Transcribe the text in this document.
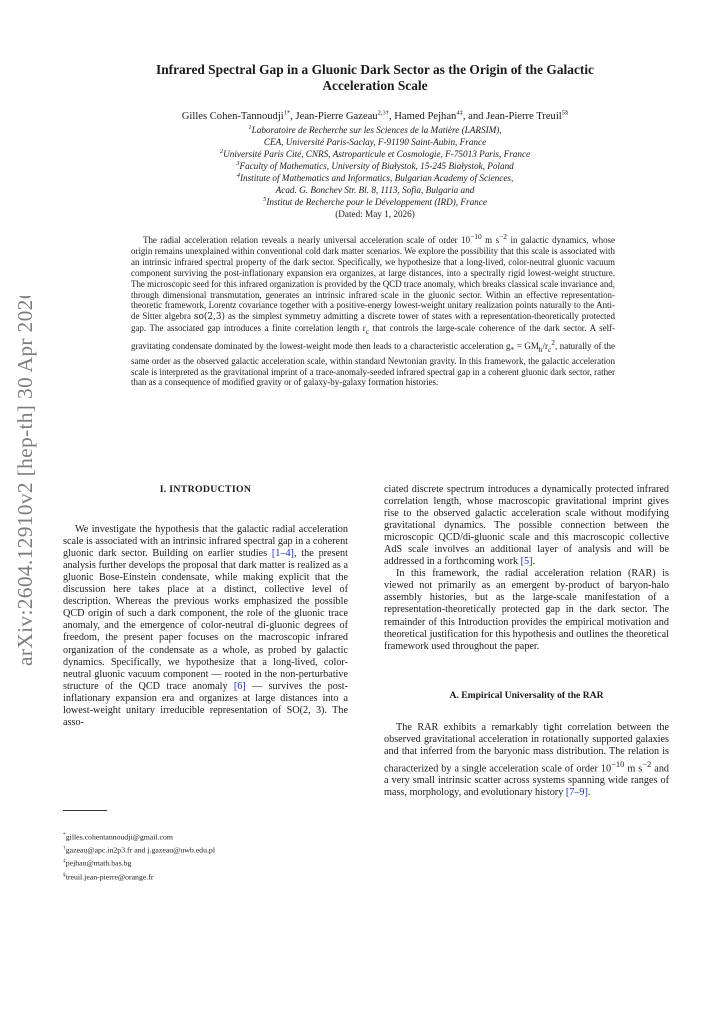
arXiv:2604.12910v2 [hep-th] 30 Apr 2026
Infrared Spectral Gap in a Gluonic Dark Sector as the Origin of the Galactic
Acceleration Scale
Gilles Cohen-Tannoudji$^{1*}$, Jean-Pierre Gazeau$^{2,3\dagger}$, Hamed Pejhan$^{4\ddagger}$, and Jean-Pierre Treuil$^{5\S}$
$^1$Laboratoire de Recherche sur les Sciences de la Matière (LARSIM),
CEA, Université Paris-Saclay, F-91190 Saint-Aubin, France
$^2$Université Paris Cité, CNRS, Astroparticule et Cosmologie, F-75013 Paris, France
$^3$Faculty of Mathematics, University of Białystok, 15-245 Białystok, Poland
$^4$Institute of Mathematics and Informatics, Bulgarian Academy of Sciences,
Acad. G. Bonchev Str. Bl. 8, 1113, Sofia, Bulgaria and
$^5$Institut de Recherche pour le Développement (IRD), France
(Dated: May 1, 2026)
The radial acceleration relation reveals a nearly universal acceleration scale of order $10^{-10}$ m $s^{-2}$ in galactic dynamics, whose origin remains unexplained within conventional cold dark matter scenarios. We explore the possibility that this scale is associated with an intrinsic infrared spectral property of the dark sector. Specifically, we hypothesize that a long-lived, color-neutral gluonic vacuum component surviving the post-inflationary expansion era organizes, at large distances, into a spectrally rigid lowest-weight structure. The microscopic seed for this infrared organization is provided by the QCD trace anomaly, which breaks classical scale invariance and, through dimensional transmutation, generates an intrinsic infrared scale in the gluonic sector. Within an effective representation-theoretic framework, Lorentz covariance together with a positive-energy lowest-weight unitary realization points naturally to the Anti-de Sitter algebra so(2,3) as the simplest symmetry admitting a discrete tower of states with a representation-theoretically protected gap. The associated gap introduces a finite correlation length $r_c$ that controls the large-scale coherence of the dark sector. A self-gravitating condensate dominated by the lowest-weight mode then leads to a characteristic acceleration $g_* = GM_h/r_c^2$, naturally of the same order as the observed galactic acceleration scale, within standard Newtonian gravity. In this framework, the galactic acceleration scale is interpreted as the gravitational imprint of a trace-anomaly-seeded infrared spectral gap in a coherent gluonic dark sector, rather than as a consequence of modified gravity or of galaxy-by-galaxy formation histories.
I. INTRODUCTION

We investigate the hypothesis that the galactic radial acceleration scale is associated with an intrinsic infrared spectral gap in a coherent gluonic dark sector. Building on earlier studies [1–4], the present analysis further develops the proposal that dark matter is realized as a gluonic Bose-Einstein condensate, while making explicit that the discussion here takes place at a distinct, collective level of description. Whereas the previous works emphasized the possible QCD origin of such a dark component, the role of the gluonic trace anomaly, and the emergence of color-neutral di-gluonic degrees of freedom, the present paper focuses on the macroscopic infrared organization of the condensate as a whole, as probed by galactic dynamics. Specifically, we hypothesize that a long-lived, color-neutral gluonic vacuum component — rooted in the non-perturbative structure of the QCD trace anomaly [6] — survives the post-inflationary expansion era and organizes at large distances into a lowest-weight unitary irreducible representation of SO(2, 3). The asso-

ciated discrete spectrum introduces a dynamically protected infrared correlation length, whose macroscopic gravitational imprint gives rise to the observed galactic acceleration scale without modifying gravitational dynamics. The possible connection between the microscopic QCD/di-gluonic scale and this macroscopic collective AdS scale involves an additional layer of analysis and will be addressed in a forthcoming work [5].

In this framework, the radial acceleration relation (RAR) is viewed not primarily as an emergent by-product of baryon-halo assembly histories, but as the large-scale manifestation of a representation-theoretically protected gap in the dark sector. The remainder of this Introduction provides the empirical motivation and theoretical justification for this hypothesis and outlines the theoretical framework used throughout the paper.

A. Empirical Universality of the RAR

The RAR exhibits a remarkably tight correlation between the observed gravitational acceleration in rotationally supported galaxies and that inferred from the baryonic mass distribution. The relation is characterized by a single acceleration scale of order $10^{-10}$ m $s^{-2}$ and a very small intrinsic scatter across systems spanning wide ranges of mass, morphology, and evolutionary history [7–9].

*gilles.cohentannoudji@gmail.com
†gazeau@apc.in2p3.fr and j.gazeau@uwb.edu.pl
‡pejhan@math.bas.bg
§treuil.jean-pierre@orange.fr
